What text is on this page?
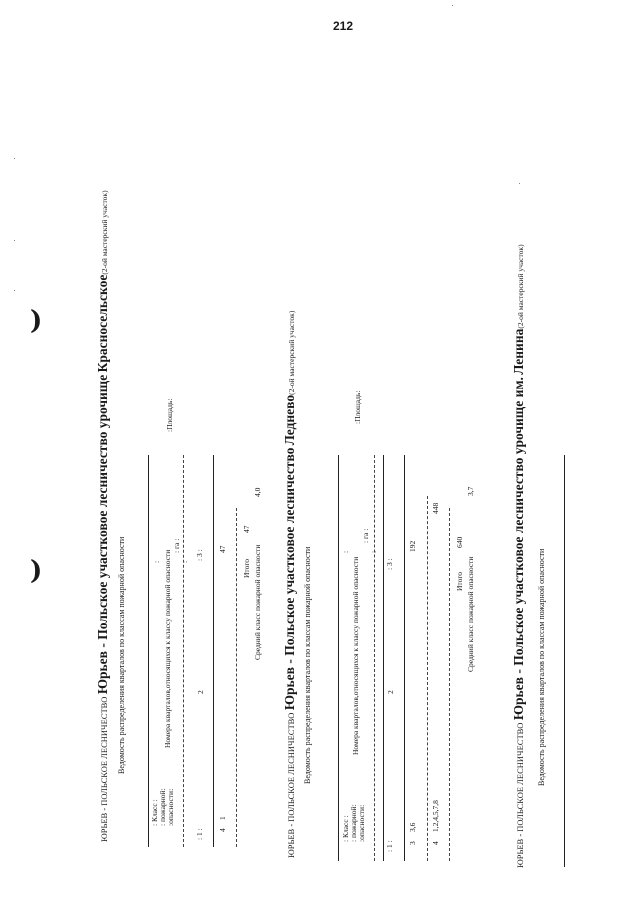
212
)
)
ЮРЬЕВ - ПОЛЬСКОЕ ЛЕСНИЧЕСТВО Юрьев - Польское участковое лесничество урочище Красносельское(2-ой мастерский участок)
Ведомость распределения кварталов по классам пожарной опасности
: Класс : : пожарной: :опасности:
Номера кварталов,относящихся к классу пожарной опасности
:Площадь:
:
: га :
:
: 1 :
2
: 3 :
4
1
47
Итого
47
Средний класс пожарной опасности
4,0
ЮРЬЕВ - ПОЛЬСКОЕ ЛЕСНИЧЕСТВО Юрьев - Польское участковое лесничество Леднево(2-ой мастерский участок)
Ведомость распределения кварталов по классам пожарной опасности
: Класс : : пожарной: :опасности:
Номера кварталов,относящихся к классу пожарной опасности
:Площадь:
:
: га :
:
: 1 :
2
: 3 :
3
3,6
192
4
1,2,4,5,7,8
448
Итого
640
Средний класс пожарной опасности
3,7
ЮРЬЕВ - ПОЛЬСКОЕ ЛЕСНИЧЕСТВО Юрьев - Польское участковое лесничество урочище им. Ленина(2-ой мастерский участок)
Ведомость распределения кварталов по классам пожарной опасности
